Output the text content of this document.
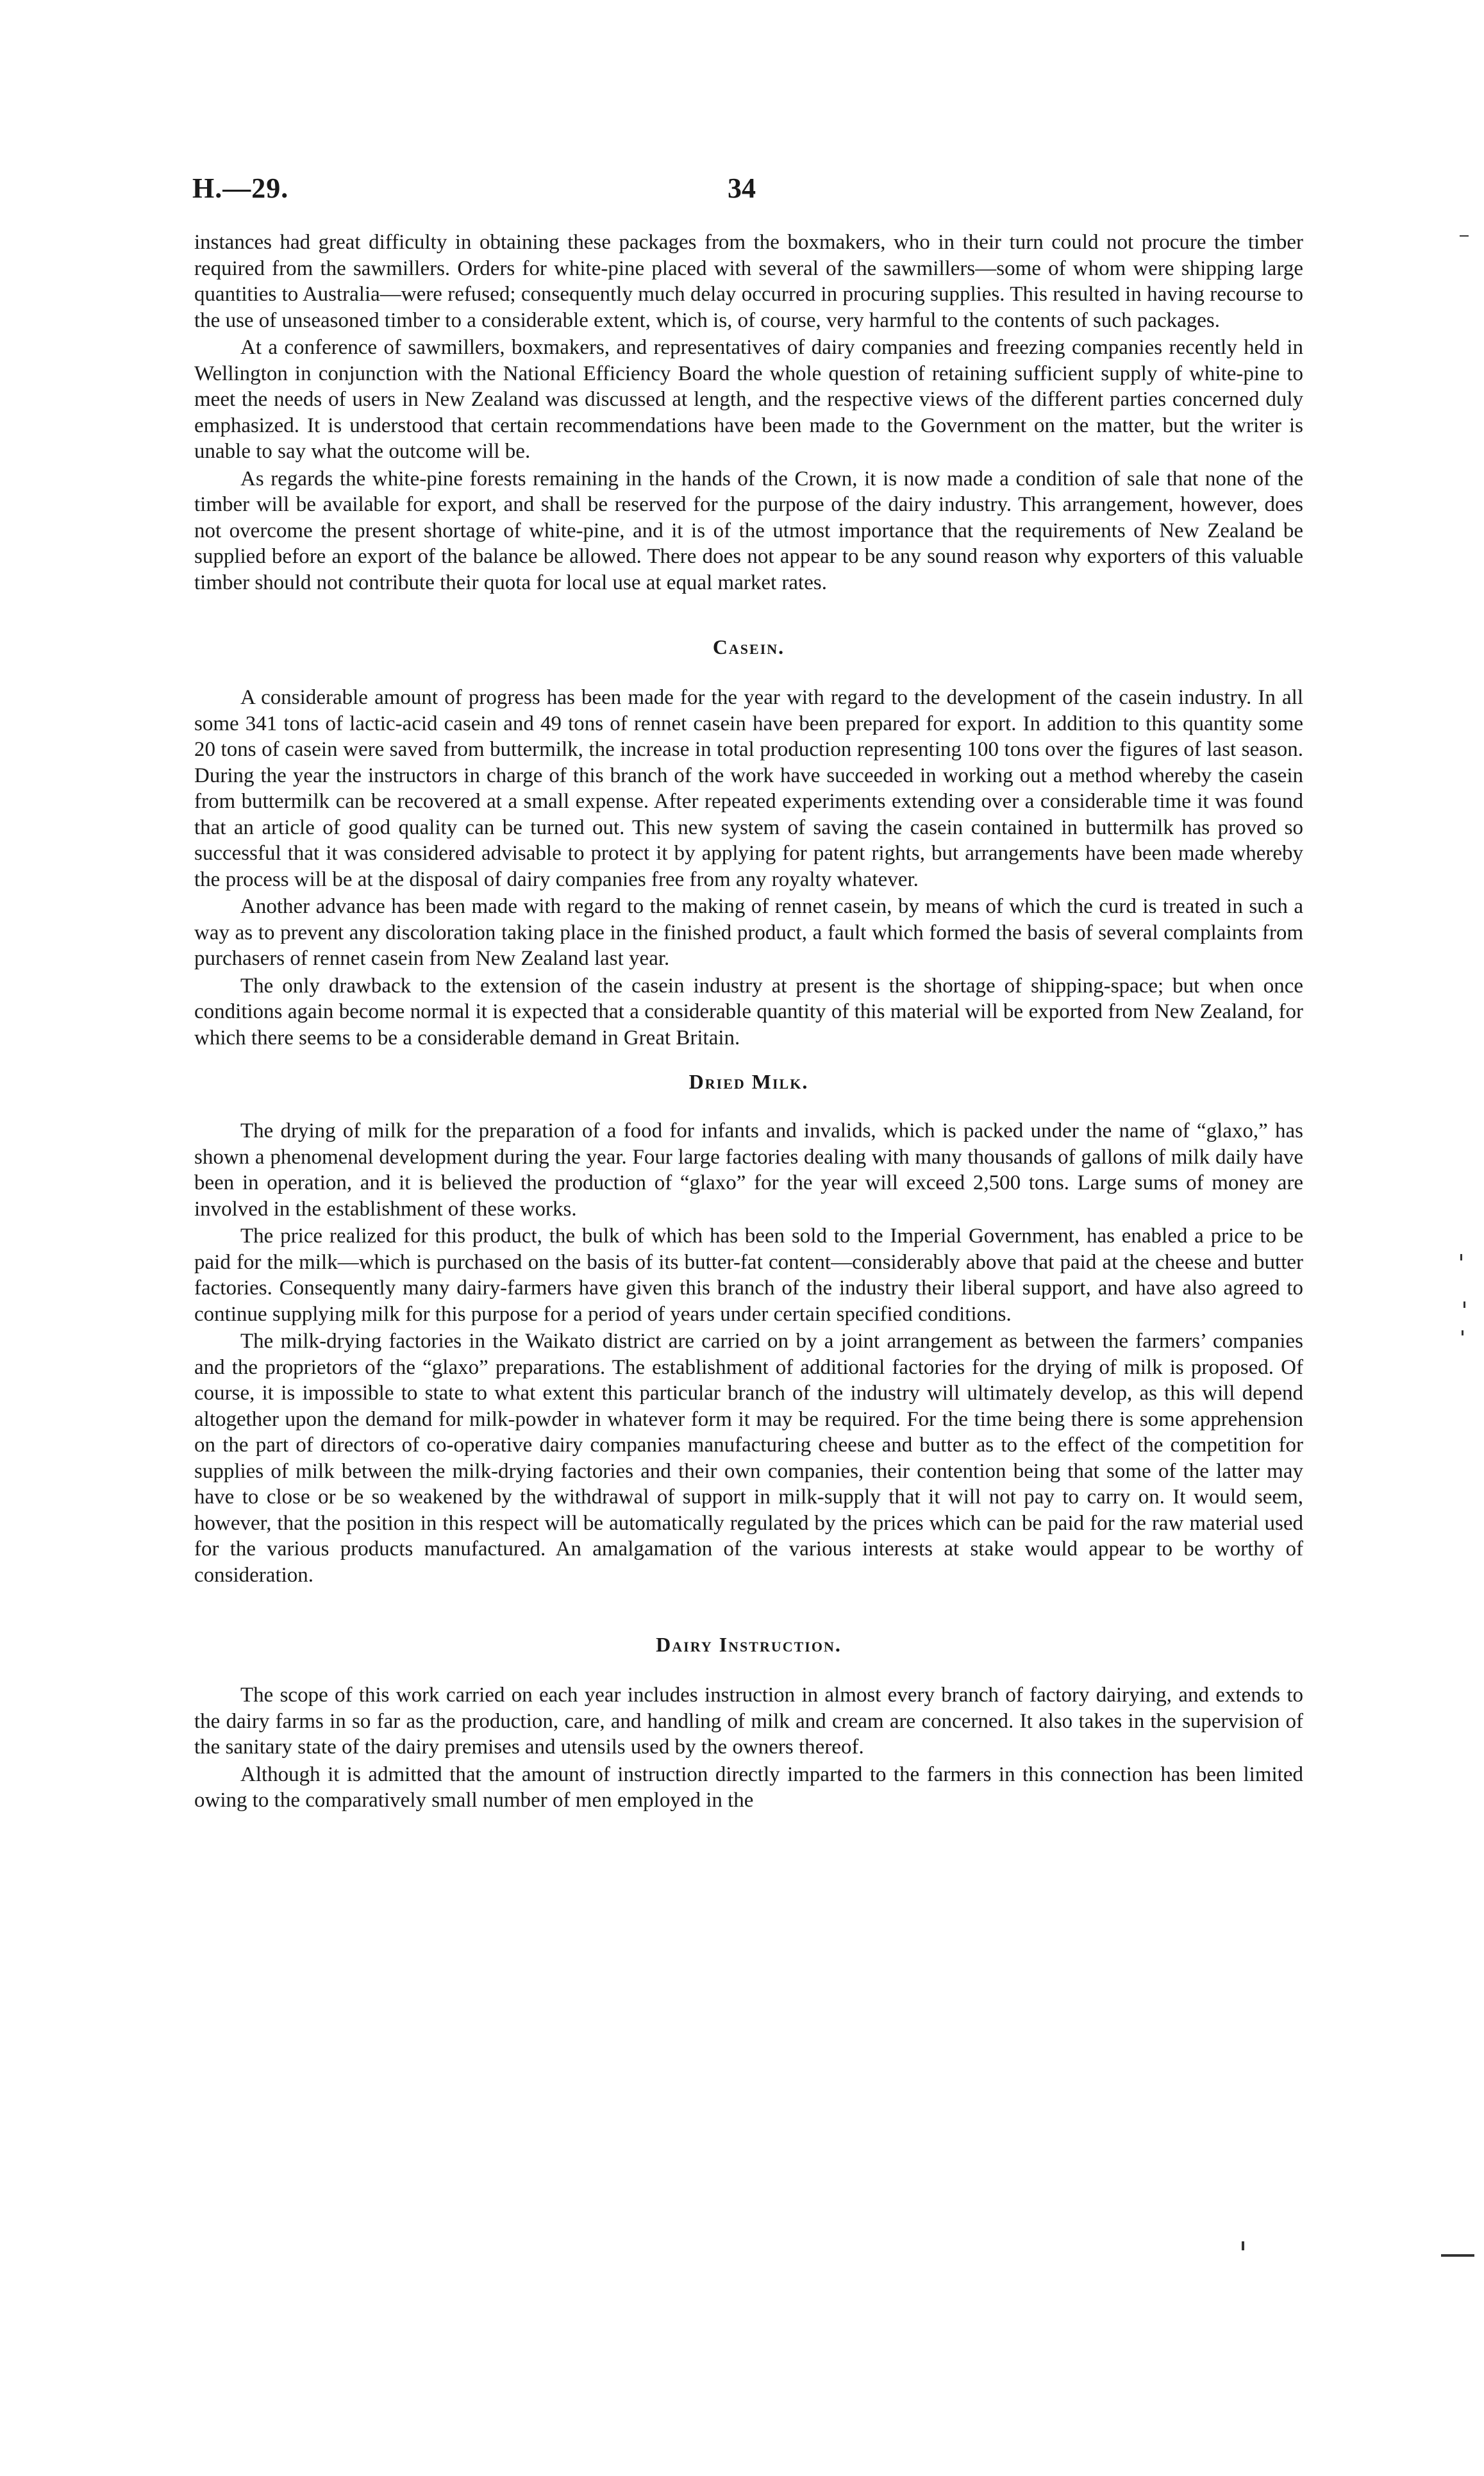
H.—29.	34

instances had great difficulty in obtaining these packages from the boxmakers, who in their turn could not procure the timber required from the sawmillers. Orders for white-pine placed with several of the sawmillers—some of whom were shipping large quantities to Australia—were refused; consequently much delay occurred in procuring supplies. This resulted in having recourse to the use of unseasoned timber to a considerable extent, which is, of course, very harmful to the contents of such packages.

At a conference of sawmillers, boxmakers, and representatives of dairy companies and freezing companies recently held in Wellington in conjunction with the National Efficiency Board the whole question of retaining sufficient supply of white-pine to meet the needs of users in New Zealand was discussed at length, and the respective views of the different parties concerned duly emphasized. It is understood that certain recommendations have been made to the Government on the matter, but the writer is unable to say what the outcome will be.

As regards the white-pine forests remaining in the hands of the Crown, it is now made a condition of sale that none of the timber will be available for export, and shall be reserved for the purpose of the dairy industry. This arrangement, however, does not overcome the present shortage of white-pine, and it is of the utmost importance that the requirements of New Zealand be supplied before an export of the balance be allowed. There does not appear to be any sound reason why exporters of this valuable timber should not contribute their quota for local use at equal market rates.

Casein.

A considerable amount of progress has been made for the year with regard to the development of the casein industry. In all some 341 tons of lactic-acid casein and 49 tons of rennet casein have been prepared for export. In addition to this quantity some 20 tons of casein were saved from buttermilk, the increase in total production representing 100 tons over the figures of last season. During the year the instructors in charge of this branch of the work have succeeded in working out a method whereby the casein from buttermilk can be recovered at a small expense. After repeated experiments extending over a considerable time it was found that an article of good quality can be turned out. This new system of saving the casein contained in buttermilk has proved so successful that it was considered advisable to protect it by applying for patent rights, but arrangements have been made whereby the process will be at the disposal of dairy companies free from any royalty whatever.

Another advance has been made with regard to the making of rennet casein, by means of which the curd is treated in such a way as to prevent any discoloration taking place in the finished product, a fault which formed the basis of several complaints from purchasers of rennet casein from New Zealand last year.

The only drawback to the extension of the casein industry at present is the shortage of shipping-space; but when once conditions again become normal it is expected that a considerable quantity of this material will be exported from New Zealand, for which there seems to be a considerable demand in Great Britain.

Dried Milk.

The drying of milk for the preparation of a food for infants and invalids, which is packed under the name of “glaxo,” has shown a phenomenal development during the year. Four large factories dealing with many thousands of gallons of milk daily have been in operation, and it is believed the production of “glaxo” for the year will exceed 2,500 tons. Large sums of money are involved in the establishment of these works.

The price realized for this product, the bulk of which has been sold to the Imperial Government, has enabled a price to be paid for the milk—which is purchased on the basis of its butter-fat content—considerably above that paid at the cheese and butter factories. Consequently many dairy-farmers have given this branch of the industry their liberal support, and have also agreed to continue supplying milk for this purpose for a period of years under certain specified conditions.

The milk-drying factories in the Waikato district are carried on by a joint arrangement as between the farmers’ companies and the proprietors of the “glaxo” preparations. The establishment of additional factories for the drying of milk is proposed. Of course, it is impossible to state to what extent this particular branch of the industry will ultimately develop, as this will depend altogether upon the demand for milk-powder in whatever form it may be required. For the time being there is some apprehension on the part of directors of co-operative dairy companies manufacturing cheese and butter as to the effect of the competition for supplies of milk between the milk-drying factories and their own companies, their contention being that some of the latter may have to close or be so weakened by the withdrawal of support in milk-supply that it will not pay to carry on. It would seem, however, that the position in this respect will be automatically regulated by the prices which can be paid for the raw material used for the various products manufactured. An amalgamation of the various interests at stake would appear to be worthy of consideration.

Dairy Instruction.

The scope of this work carried on each year includes instruction in almost every branch of factory dairying, and extends to the dairy farms in so far as the production, care, and handling of milk and cream are concerned. It also takes in the supervision of the sanitary state of the dairy premises and utensils used by the owners thereof.

Although it is admitted that the amount of instruction directly imparted to the farmers in this connection has been limited owing to the comparatively small number of men employed in the
